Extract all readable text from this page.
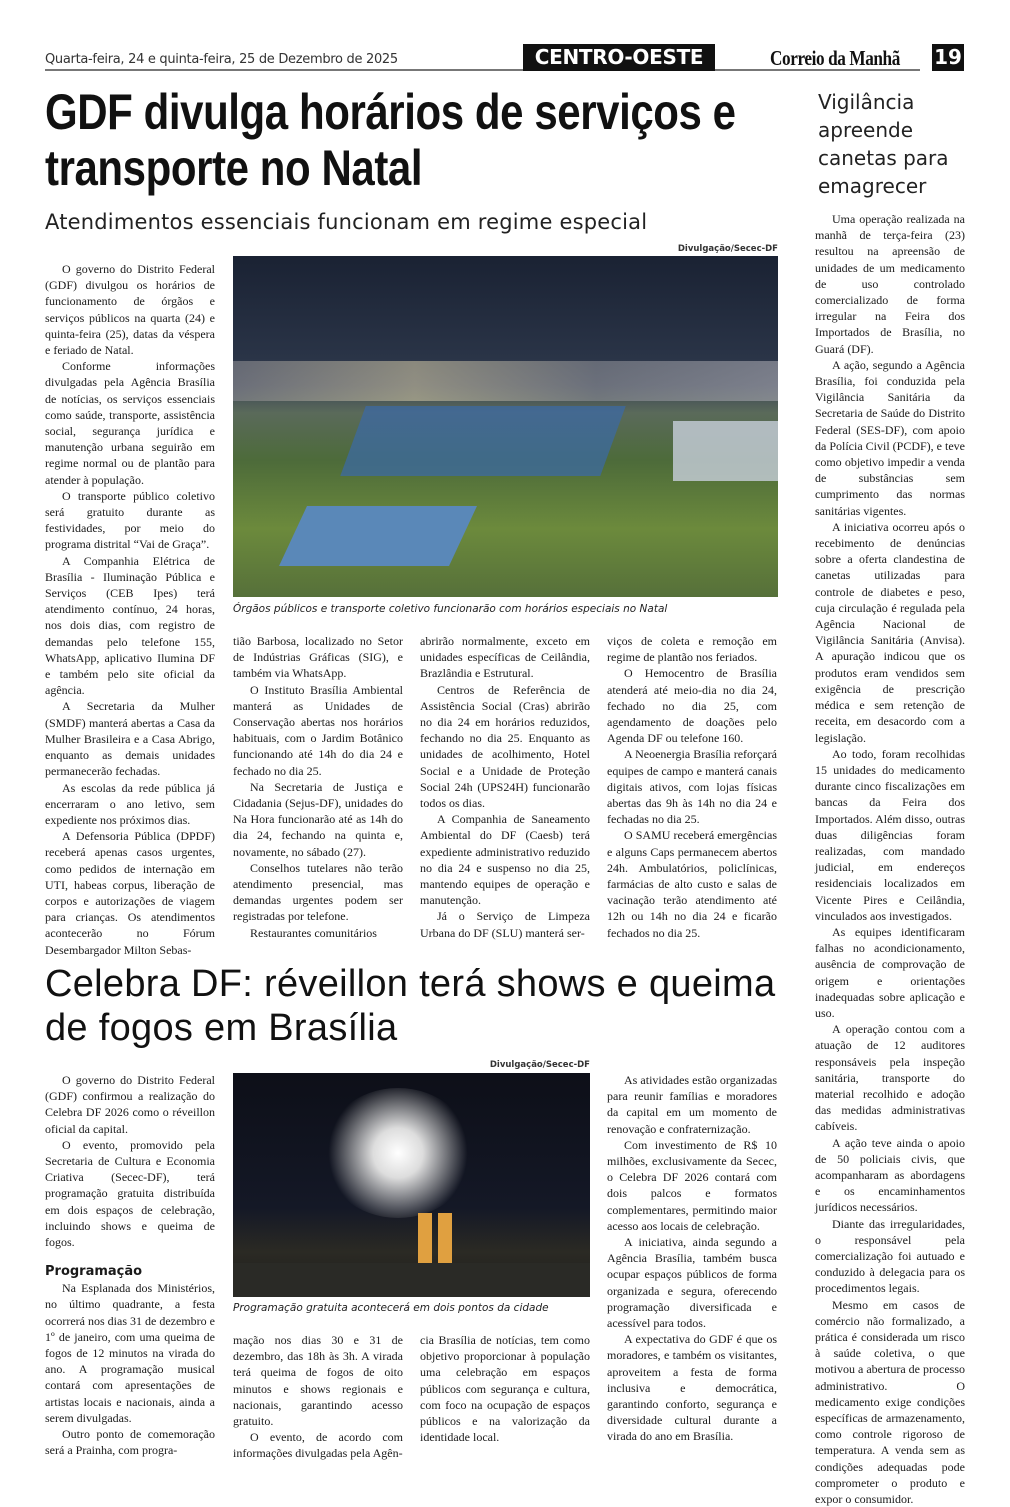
Quarta-feira, 24 e quinta-feira, 25 de Dezembro de 2025	CENTRO-OESTE	Correio da Manhã 19
GDF divulga horários de serviços e transporte no Natal
Atendimentos essenciais funcionam em regime especial
Vigilância apreende canetas para emagrecer

Uma operação realizada na manhã de terça-feira (23) resultou na apreensão de unidades de um medicamento de uso controlado comercializado de forma irregular na Feira dos Importados de Brasília, no Guará (DF).

A ação, segundo a Agência Brasília, foi conduzida pela Vigilância Sanitária da Secretaria de Saúde do Distrito Federal (SES-DF), com apoio da Polícia Civil (PCDF), e teve como objetivo impedir a venda de substâncias sem cumprimento das normas sanitárias vigentes.

A iniciativa ocorreu após o recebimento de denúncias sobre a oferta clandestina de canetas utilizadas para controle de diabetes e peso, cuja circulação é regulada pela Agência Nacional de Vigilância Sanitária (Anvisa). A apuração indicou que os produtos eram vendidos sem exigência de prescrição médica e sem retenção de receita, em desacordo com a legislação.

Ao todo, foram recolhidas 15 unidades do medicamento durante cinco fiscalizações em bancas da Feira dos Importados. Além disso, outras duas diligências foram realizadas, com mandado judicial, em endereços residenciais localizados em Vicente Pires e Ceilândia, vinculados aos investigados.

As equipes identificaram falhas no acondicionamento, ausência de comprovação de origem e orientações inadequadas sobre aplicação e uso.

A operação contou com a atuação de 12 auditores responsáveis pela inspeção sanitária, transporte do material recolhido e adoção das medidas administrativas cabíveis.

A ação teve ainda o apoio de 50 policiais civis, que acompanharam as abordagens e os encaminhamentos jurídicos necessários.

Diante das irregularidades, o responsável pela comercialização foi autuado e conduzido à delegacia para os procedimentos legais.

Mesmo em casos de comércio não formalizado, a prática é considerada um risco à saúde coletiva, o que motivou a abertura de processo administrativo. O medicamento exige condições específicas de armazenamento, como controle rigoroso de temperatura. A venda sem as condições adequadas pode comprometer o produto e expor o consumidor.

O governo do Distrito Federal (GDF) divulgou os horários de funcionamento de órgãos e serviços públicos na quarta (24) e quinta-feira (25), datas da véspera e feriado de Natal.

Conforme informações divulgadas pela Agência Brasília de notícias, os serviços essenciais como saúde, transporte, assistência social, segurança jurídica e manutenção urbana seguirão em regime normal ou de plantão para atender à população.

O transporte público coletivo será gratuito durante as festividades, por meio do programa distrital “Vai de Graça”.

A Companhia Elétrica de Brasília - Iluminação Pública e Serviços (CEB Ipes) terá atendimento contínuo, 24 horas, nos dois dias, com registro de demandas pelo telefone 155, WhatsApp, aplicativo Ilumina DF e também pelo site oficial da agência.

A Secretaria da Mulher (SMDF) manterá abertas a Casa da Mulher Brasileira e a Casa Abrigo, enquanto as demais unidades permanecerão fechadas.

As escolas da rede pública já encerraram o ano letivo, sem expediente nos próximos dias.

A Defensoria Pública (DPDF) receberá apenas casos urgentes, como pedidos de internação em UTI, habeas corpus, liberação de corpos e autorizações de viagem para crianças. Os atendimentos acontecerão no Fórum Desembargador Milton Sebas-

Divulgação/Secec-DF
Órgãos públicos e transporte coletivo funcionarão com horários especiais no Natal

tião Barbosa, localizado no Setor de Indústrias Gráficas (SIG), e também via WhatsApp.

O Instituto Brasília Ambiental manterá as Unidades de Conservação abertas nos horários habituais, com o Jardim Botânico funcionando até 14h do dia 24 e fechado no dia 25.

Na Secretaria de Justiça e Cidadania (Sejus-DF), unidades do Na Hora funcionarão até as 14h do dia 24, fechando na quinta e, novamente, no sábado (27).

Conselhos tutelares não terão atendimento presencial, mas demandas urgentes podem ser registradas por telefone.

Restaurantes comunitários

abrirão normalmente, exceto em unidades específicas de Ceilândia, Brazlândia e Estrutural.

Centros de Referência de Assistência Social (Cras) abrirão no dia 24 em horários reduzidos, fechando no dia 25. Enquanto as unidades de acolhimento, Hotel Social e a Unidade de Proteção Social 24h (UPS24H) funcionarão todos os dias.

A Companhia de Saneamento Ambiental do DF (Caesb) terá expediente administrativo reduzido no dia 24 e suspenso no dia 25, mantendo equipes de operação e manutenção.

Já o Serviço de Limpeza Urbana do DF (SLU) manterá ser-

viços de coleta e remoção em regime de plantão nos feriados.

O Hemocentro de Brasília atenderá até meio-dia no dia 24, fechado no dia 25, com agendamento de doações pelo Agenda DF ou telefone 160.

A Neoenergia Brasília reforçará equipes de campo e manterá canais digitais ativos, com lojas físicas abertas das 9h às 14h no dia 24 e fechadas no dia 25.

O SAMU receberá emergências e alguns Caps permanecem abertos 24h. Ambulatórios, policlínicas, farmácias de alto custo e salas de vacinação terão atendimento até 12h ou 14h no dia 24 e ficarão fechados no dia 25.

Celebra DF: réveillon terá shows e queima de fogos em Brasília

O governo do Distrito Federal (GDF) confirmou a realização do Celebra DF 2026 como o réveillon oficial da capital.

O evento, promovido pela Secretaria de Cultura e Economia Criativa (Secec-DF), terá programação gratuita distribuída em dois espaços de celebração, incluindo shows e queima de fogos.

Programação

Na Esplanada dos Ministérios, no último quadrante, a festa ocorrerá nos dias 31 de dezembro e 1º de janeiro, com uma queima de fogos de 12 minutos na virada do ano. A programação musical contará com apresentações de artistas locais e nacionais, ainda a serem divulgadas.

Outro ponto de comemoração será a Prainha, com progra-

Divulgação/Secec-DF
Programação gratuita acontecerá em dois pontos da cidade

mação nos dias 30 e 31 de dezembro, das 18h às 3h. A virada terá queima de fogos de oito minutos e shows regionais e nacionais, garantindo acesso gratuito.

O evento, de acordo com informações divulgadas pela Agên-

cia Brasília de notícias, tem como objetivo proporcionar à população uma celebração em espaços públicos com segurança e cultura, com foco na ocupação de espaços públicos e na valorização da identidade local.

As atividades estão organizadas para reunir famílias e moradores da capital em um momento de renovação e confraternização.

Com investimento de R$ 10 milhões, exclusivamente da Secec, o Celebra DF 2026 contará com dois palcos e formatos complementares, permitindo maior acesso aos locais de celebração.

A iniciativa, ainda segundo a Agência Brasília, também busca ocupar espaços públicos de forma organizada e segura, oferecendo programação diversificada e acessível para todos.

A expectativa do GDF é que os moradores, e também os visitantes, aproveitem a festa de forma inclusiva e democrática, garantindo conforto, segurança e diversidade cultural durante a virada do ano em Brasília.
